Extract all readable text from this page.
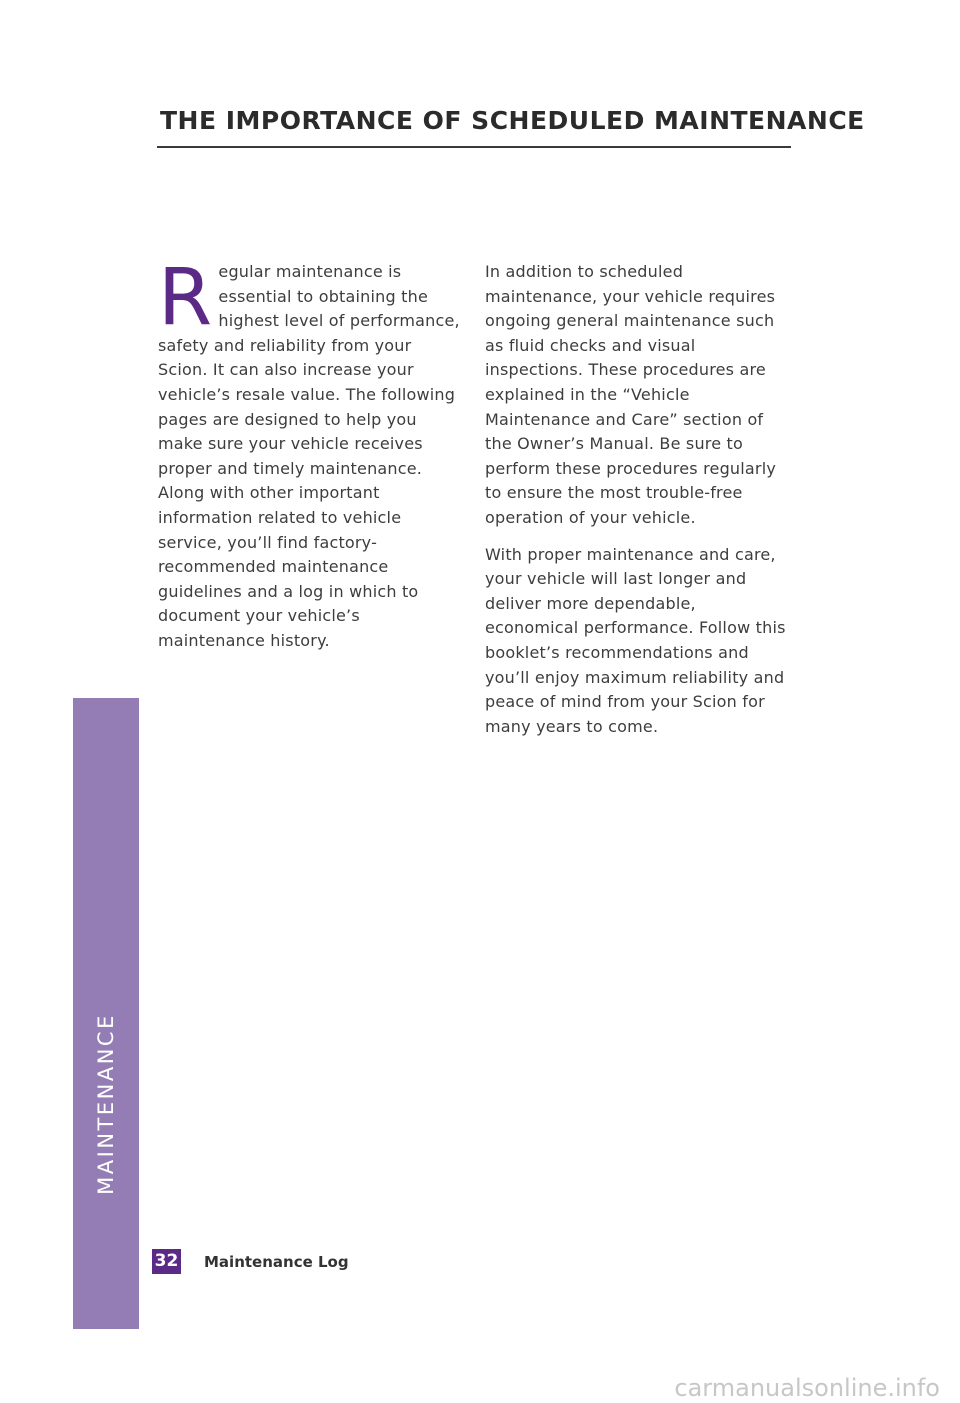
THE IMPORTANCE OF SCHEDULED MAINTENANCE

Regular maintenance is essential to obtaining the highest level of performance, safety and reliability from your Scion. It can also increase your vehicle’s resale value. The following pages are designed to help you make sure your vehicle receives proper and timely maintenance. Along with other important information related to vehicle service, you’ll find factory-recommended maintenance guidelines and a log in which to document your vehicle’s maintenance history.

In addition to scheduled maintenance, your vehicle requires ongoing general maintenance such as fluid checks and visual inspections. These procedures are explained in the “Vehicle Maintenance and Care” section of the Owner’s Manual. Be sure to perform these procedures regularly to ensure the most trouble-free operation of your vehicle.

With proper maintenance and care, your vehicle will last longer and deliver more dependable, economical performance. Follow this booklet’s recommendations and you’ll enjoy maximum reliability and peace of mind from your Scion for many years to come.

MAINTENANCE
32 Maintenance Log
carmanualsonline.info
